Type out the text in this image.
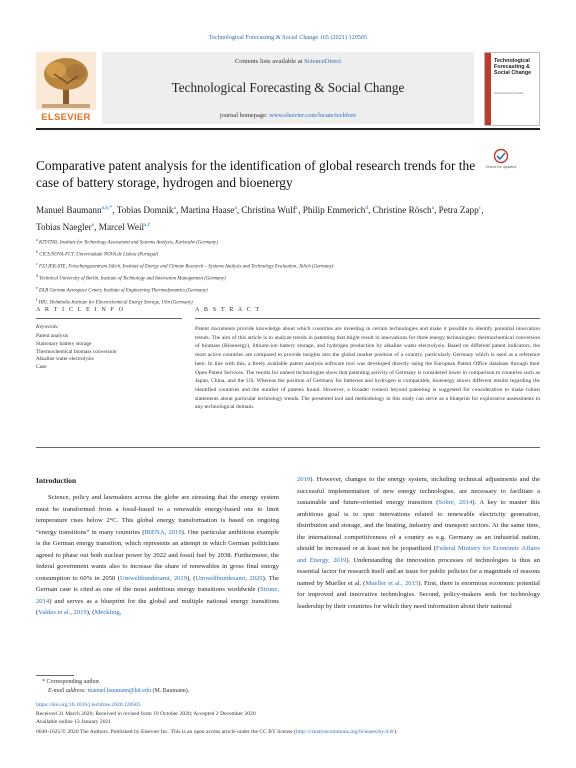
Technological Forecasting & Social Change 165 (2021) 120505
Contents lists available at ScienceDirect
Technological Forecasting & Social Change
journal homepage: www.elsevier.com/locate/techfore
ELSEVIER
Technological Forecasting & Social Change
An International Journal
Check for updates
Comparative patent analysis for the identification of global research trends for the case of battery storage, hydrogen and bioenergy
Manuel Baumann$^{a,b,*}$, Tobias Domnik$^a$, Martina Haase$^a$, Christina Wulf$^c$, Philip Emmerich$^d$, Christine Rösch$^a$, Petra Zapp$^c$, Tobias Naegler$^e$, Marcel Weil$^{a,f}$
$^a$ KIT/ITAS, Institute for Technology Assessment and Systems Analysis, Karlsruhe (Germany)
$^b$ CICS.NOVA-FCT, Universidade NOVA de Lisboa (Portugal)
$^c$ FZJ IEK-STE, Forschungszentrum Jülich, Institute of Energy and Climate Research – Systems Analysis and Technology Evaluation, Jülich (Germany)
$^d$ Technical University of Berlin, Institute of Technology and Innovation Management (Germany)
$^e$ DLR German Aerospace Center, Institute of Engineering Thermodynamics (Germany)
$^f$ HIU, Helmholtz-Institute for Electrochemical Energy Storage, Ulm (Germany)
A R T I C L E I N F O
Keywords:
Patent analysis
Stationary battery storage
Thermochemical biomass conversion
Alkaline water electrolysis
Case
A B S T R A C T
Patent documents provide knowledge about which countries are investing in certain technologies and make it possible to identify potential innovation trends. The aim of this article is to analyze trends in patenting that might result in innovations for three energy technologies: thermochemical conversion of biomass (Bioenergy), lithium-ion battery storage, and hydrogen production by alkaline water electrolysis. Based on different patent indicators, the most active countries are compared to provide insights into the global market position of a country, particularly Germany which is used as a reference here. In line with this, a freely available patent analysis software tool was developed directly using the European Patent Office database through their Open Patent Services. The results for named technologies show that patenting activity of Germany is considered lower in comparison to countries such as Japan, China, and the US. Whereas the position of Germany for batteries and hydrogen is comparable, bioenergy shows different results regarding the identified countries and the number of patents found. However, a broader context beyond patenting is suggested for consideration to make robust statements about particular technology trends. The presented tool and methodology in this study can serve as a blueprint for explorative assessments in any technological domain.
Introduction
Science, policy and lawmakers across the globe are stressing that the energy system must be transformed from a fossil-based to a renewable energy-based one to limit temperature rises below 2°C. This global energy transformation is based on ongoing “energy transitions” in many countries (IRENA, 2019). One particular ambitious example is the German energy transition, which represents an attempt in which German politicians agreed to phase out both nuclear power by 2022 and fossil fuel by 2038. Furthermore, the federal government wants also to increase the share of renewables in gross final energy consumption to 60% in 2050 (Umweltbundesamt, 2019), (Umweltbundesamt, 2020). The German case is cited as one of the most ambitious energy transitions worldwide (Strunz, 2014) and serves as a blueprint for the global and multiple national energy transitions (Valdes et al., 2019), (Meckling,
2019). However, changes to the energy system, including technical adjustments and the successful implementation of new energy technologies, are necessary to facilitate a sustainable and future-oriented energy transition (Sohre, 2014). A key to master this ambitious goal is to spur innovations related to renewable electricity generation, distribution and storage, and the heating, industry and transport sectors. At the same time, the international competitiveness of a country as e.g. Germany as an industrial nation, should be increased or at least not be jeopardized (Federal Ministry for Economic Affairs and Energy, 2019). Understanding the innovation processes of technologies is thus an essential factor for research itself and an issue for public policies for a magnitude of reasons named by Mueller et al. (Mueller et al., 2015). First, there is enormous economic potential for improved and innovative technologies. Second, policy-makers seek for technology leadership by their countries for which they need information about their national
* Corresponding author.
E-mail address: manuel.baumann@kit.edu (M. Baumann).
https://doi.org/10.1016/j.techfore.2020.120505
Received 31 March 2020; Received in revised form 19 October 2020; Accepted 2 December 2020
Available online 13 January 2021
0040-1625/© 2020 The Authors. Published by Elsevier Inc. This is an open access article under the CC BY license (http://creativecommons.org/licenses/by/4.0/).
